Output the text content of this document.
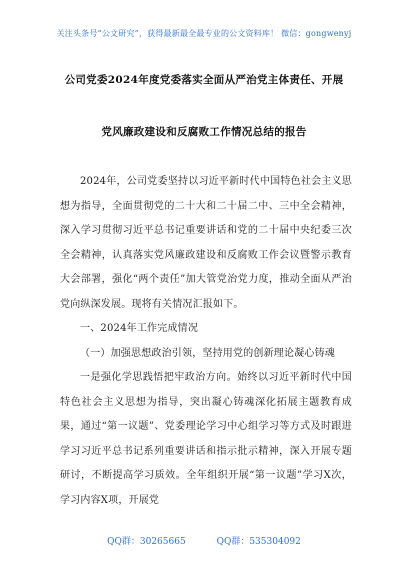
关注头条号“公文研究”，获得最新最全最专业的公文资料库！ 微信：gongwenyj
公司党委2024年度党委落实全面从严治党主体责任、开展
党风廉政建设和反腐败工作情况总结的报告

2024年，公司党委坚持以习近平新时代中国特色社会主义思想为指导，全面贯彻党的二十大和二十届二中、三中全会精神，深入学习贯彻习近平总书记重要讲话和党的二十届中央纪委三次全会精神，认真落实党风廉政建设和反腐败工作会议暨警示教育大会部署，强化“两个责任”加大管党治党力度，推动全面从严治党向纵深发展。现将有关情况汇报如下。

一、2024年工作完成情况

（一）加强思想政治引领，坚持用党的创新理论凝心铸魂

一是强化学思践悟把牢政治方向。始终以习近平新时代中国特色社会主义思想为指导，突出凝心铸魂深化拓展主题教育成果，通过“第一议题”、党委理论学习中心组学习等方式及时跟进学习习近平总书记系列重要讲话和指示批示精神，深入开展专题研讨，不断提高学习质效。全年组织开展“第一议题”学习X次，学习内容X项，开展党

QQ群：30265665	QQ群：535304092
